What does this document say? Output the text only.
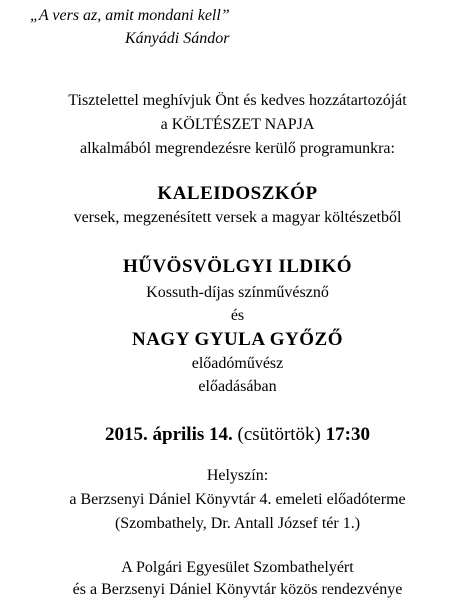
„A vers az, amit mondani kell”
Kányádi Sándor
Tisztelettel meghívjuk Önt és kedves hozzátartozóját
a KÖLTÉSZET NAPJA
alkalmából megrendezésre kerülő programunkra:
KALEIDOSZKÓP
versek, megzenésített versek a magyar költészetből
HŰVÖSVÖLGYI ILDIKÓ
Kossuth-díjas színművésznő
és
NAGY GYULA GYŐZŐ
előadóművész
előadásában
2015. április 14. (csütörtök) 17:30
Helyszín:
a Berzsenyi Dániel Könyvtár 4. emeleti előadóterme
(Szombathely, Dr. Antall József tér 1.)
A Polgári Egyesület Szombathelyért
és a Berzsenyi Dániel Könyvtár közös rendezvénye
